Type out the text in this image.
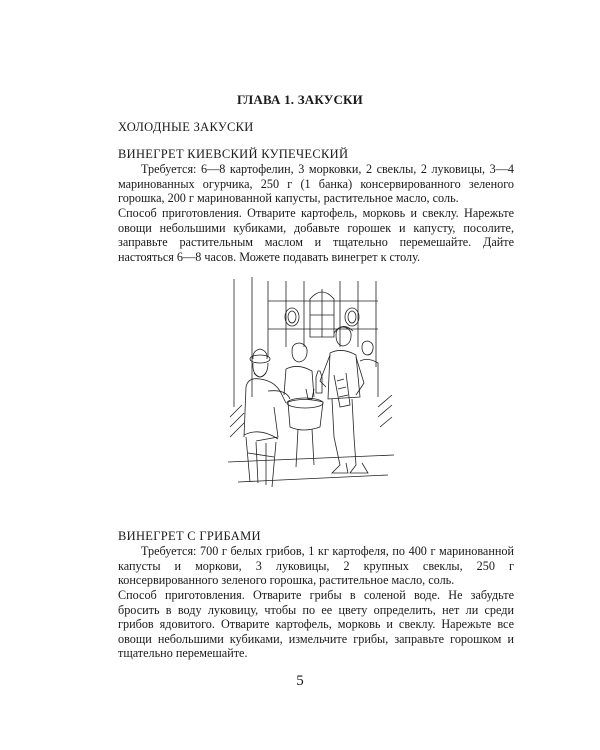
ГЛАВА 1. ЗАКУСКИ
ХОЛОДНЫЕ ЗАКУСКИ
ВИНЕГРЕТ КИЕВСКИЙ КУПЕЧЕСКИЙ

Требуется: 6—8 картофелин, 3 морковки, 2 свеклы, 2 луковицы, 3—4 маринованных огурчика, 250 г (1 банка) консервированного зеленого горошка, 200 г маринованной капусты, растительное масло, соль.

Способ приготовления. Отварите картофель, морковь и свеклу. Нарежьте овощи небольшими кубиками, добавьте горошек и капусту, посолите, заправьте растительным маслом и тщательно перемешайте. Дайте настояться 6—8 часов. Можете подавать винегрет к столу.

ВИНЕГРЕТ С ГРИБАМИ

Требуется: 700 г белых грибов, 1 кг картофеля, по 400 г маринованной капусты и моркови, 3 луковицы, 2 крупных свеклы, 250 г консервированного зеленого горошка, растительное масло, соль.

Способ приготовления. Отварите грибы в соленой воде. Не забудьте бросить в воду луковицу, чтобы по ее цвету определить, нет ли среди грибов ядовитого. Отварите картофель, морковь и свеклу. Нарежьте все овощи небольшими кубиками, измельчите грибы, заправьте горошком и тщательно перемешайте.

5
